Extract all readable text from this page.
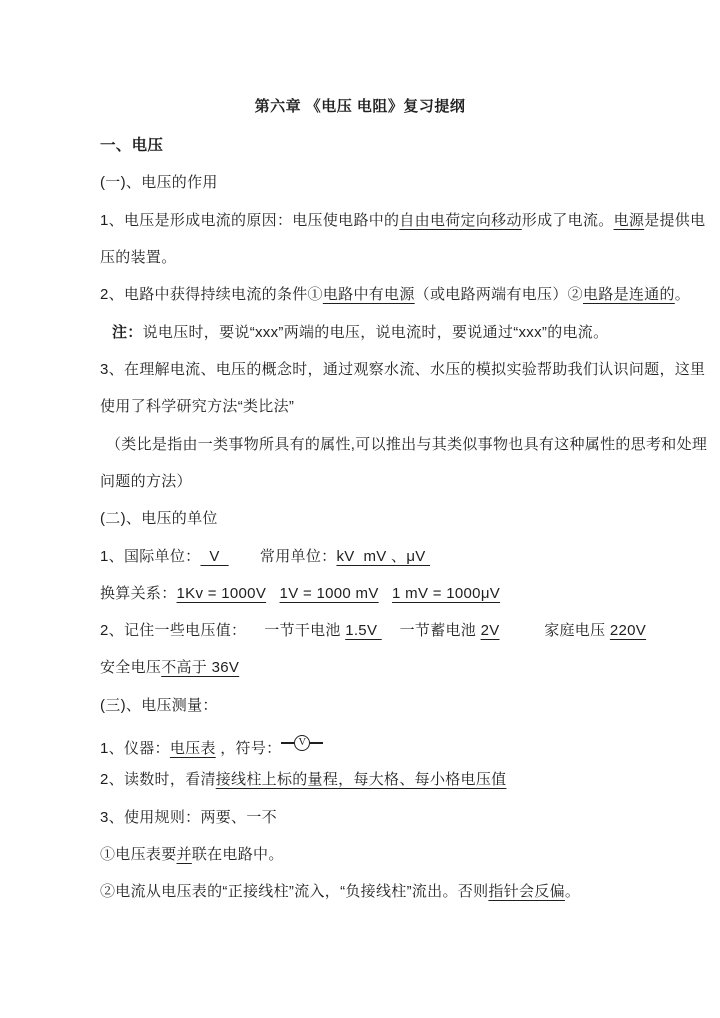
第六章 《电压 电阻》复习提纲
一、电压
(一)、电压的作用
1、电压是形成电流的原因：电压使电路中的自由电荷定向移动形成了电流。电源是提供电
压的装置。
2、电路中获得持续电流的条件①电路中有电源（或电路两端有电压）②电路是连通的。
注：说电压时，要说“xxx”两端的电压，说电流时，要说通过“xxx”的电流。
3、在理解电流、电压的概念时，通过观察水流、水压的模拟实验帮助我们认识问题，这里
使用了科学研究方法“类比法”
（类比是指由一类事物所具有的属性,可以推出与其类似事物也具有这种属性的思考和处理
问题的方法）
(二)、电压的单位
1、国际单位：  V         常用单位：kV  mV 、μV
换算关系：1Kv = 1000V 1V = 1000 mV 1 mV = 1000μV
2、记住一些电压值： 一节干电池 1.5V     一节蓄电池 2V	家庭电压 220V
安全电压不高于 36V
(三)、电压测量：
1、仪器：电压表 ，符号： V
2、读数时，看清接线柱上标的量程，每大格、每小格电压值
3、使用规则：两要、一不
①电压表要并联在电路中。
②电流从电压表的“正接线柱”流入，“负接线柱”流出。否则指针会反偏。
